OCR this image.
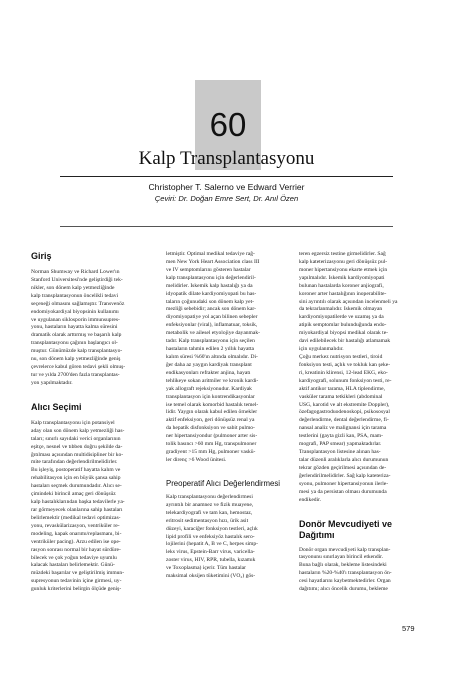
60
Kalp Transplantasyonu
Christopher T. Salerno ve Edward Verrier
Çeviri: Dr. Doğan Emre Sert, Dr. Anıl Özen
Giriş

Norman Shumway ve Richard Lower'ın

Stanford Üniversitesi'nde geliştirdiği tek-

nikler, son dönem kalp yetmezliğinde

kalp transplantasyonun öncelikli tedavi

seçeneği olmasını sağlamıştır. Transvenöz

endomiyokardiyal biyopsinin kullanımı

ve uygulanan siklosporin immunsupres-

yonu, hastaların hayatta kalma süresini

dramatik olarak arttırmış ve başarılı kalp

transplantasyonu çağının başlangıcı ol-

muştur. Günümüzde kalp transplantasyo-

nu, son dönem kalp yetmezliğinde geniş

çevrelerce kabul gören tedavi şekli olmuş-

tur ve yılda 2700'den fazla transplantas-

yon yapılmaktadır.

Alıcı Seçimi

Kalp transplantasyonu için potansiyel

aday olan son dönem kalp yetmezliği has-

taları; sınırlı sayıdaki verici organlarının

eşitçe, nesnel ve tıbben doğru şekilde da-

ğıtılması açısından multidisipliner bir ko-

mite tarafından değerlendirilmelidirler.

Bu işleyiş, postoperatif hayatta kalım ve

rehabilitasyon için en büyük şansa sahip

hastaları seçmek durumundadır. Alıcı se-

çimindeki birincil amaç geri dönüşsüz

kalp hastalıklarından başka tedavilerle ya-

rar görmeyecek olanlarına sahip hastaları

belirlemektir (medikal tedavi optimizas-

yonu, revaskülarizasyon, ventriküler re-

modeling, kapak onarımı/replasmanı, bi-

ventriküler pacing). Arzu edilen ise ope-

rasyon sonrası normal bir hayat sürdüre-

bilecek ve çok yoğun tedaviye uyumlu

kalacak hastaları belirlemektir. Günü-

müzdeki başarılar ve geliştirilmiş immun-

supresyonun tedavinin içine girmesi, uy-

gunluk kriterlerini belirgin ölçüde geniş-

letmiştir. Optimal medikal tedaviye rağ-

men New York Heart Association class III

ve IV semptomlarını gösteren hastalar

kalp transplantasyonu için değerlendiril-

melidirler. İskemik kalp hastalığı ya da

idyopatik dilate kardiyomiyopati bu has-

taların çoğunudaki son dönem kalp yet-

mezliği sebebidir; ancak son dönem kar-

diyomiyopatiye yol açan bilinen sebepler

enfeksiyonlar (viral), inflamatuar, toksik,

metabolik ve ailesel etyolojiye dayanmak-

tadır. Kalp transplantasyonu için seçilen

hastaların tahmin edilen 2 yıllık hayatta

kalım süresi %60'ın altında olmalıdır. Di-

ğer daha az yaygın kardiyak transplant

endikasyonları refrakter anjina, hayatı

tehlikeye sokan aritmiler ve kronik kardi-

yak allograft rejeksiyonudur. Kardiyak

transplantasyon için kontrendikasyonlar

ise temel olarak komorbid hastalık temel-

lidir. Yaygın olarak kabul edilen örnekler

aktif enfeksiyon, geri dönüşsüz renal ya

da hepatik disfonksiyon ve sabit pulmo-

ner hipertansiyondur (pulmoner arter sis-

tolik basıncı >60 mm Hg, transpulmoner

gradiyent >15 mm Hg, pulmoner vaskü-

ler direnç >6 Wood ünitesi.

Preoperatif Alıcı Değerlendirmesi

Kalp transplantasyonu değerlendirmesi

ayrıntılı bir anamnez ve fizik muayene,

telekardiyografi ve tam kan, hemostaz,

eritrosit sedimentasyon hızı, ürik asit

düzeyi, karaciğer fonksiyon testleri, açlık

lipid profili ve enfeksiyöz hastalık sero-

lojilerini (hepatit A, B ve C, herpes simp-

leks virus, Epstein-Barr virus, varicella-

zoster virus, HIV, RPR, tubella, kızamık

ve Toxoplasma) içerir. Tüm hastalar

maksimal oksijen tüketimini (VO₂) gös-

teren egzersiz testine girmelidirler. Sağ

kalp kateterizasyonu geri dönüşsüz pul-

moner hipertansiyonu ekarte etmek için

yapılmalıdır. İskemik kardiyomiyopati

bulunan hastalarda koroner anjiografi,

koroner arter hastalığının inoperabilite-

sini ayrıntılı olarak açısından incelenmeli ya

da tekrarlanmalıdır. İskemik olmayan

kardiyomiyopatilerde ve uzamış ya da

atipik semptomlar bulunduğunda endo-

miyokardiyal biyopsi medikal olarak te-

davi edilebilecek bir hastalığı atlamamak

için uygulanmalıdır.

Çoğu merkez nutrisyon testleri, tiroid

fonksiyon testi, açlık ve tokluk kan şeke-

ri, kreatinin klirensi, 12-lead EKG, eko-

kardiyografi, solunum fonksiyon testi, re-

aktif antikor tarama, HLA tiplendirme,

vasküler tarama tetkikleri (abdominal

USG, karotid ve alt ekstremite Doppler),

özefagogastroduodenoskopi, psikososyal

değerlendirme, dental değerlendirme, fi-

nansal analiz ve malignansi için tarama

testlerini (gayta gizli kan, PSA, mam-

mografi, PAP smear) yapmaktadırlar.

Transplantasyon listesine alınan has-

talar düzenli aralıklarla alıcı durumunun

tekrar gözden geçirilmesi açısından de-

ğerlendirilmelidirler. Sağ kalp kateteriza-

syonu, pulmoner hipertansiyonun ilerle-

mesi ya da persistan olması durumunda

endikedir.

Donör Mevcudiyeti ve Dağıtımı

Donör organ mevcudiyeti kalp transplan-

tasyonunu sınırlayan birincil etkendir.

Buna bağlı olarak, bekleme listesindeki

hastaların %20-%40'ı transplantasyon ön-

cesi hayatlarını kaybetmektedirler. Organ

dağıtımı; alıcı öncelik durumu, bekleme

579
